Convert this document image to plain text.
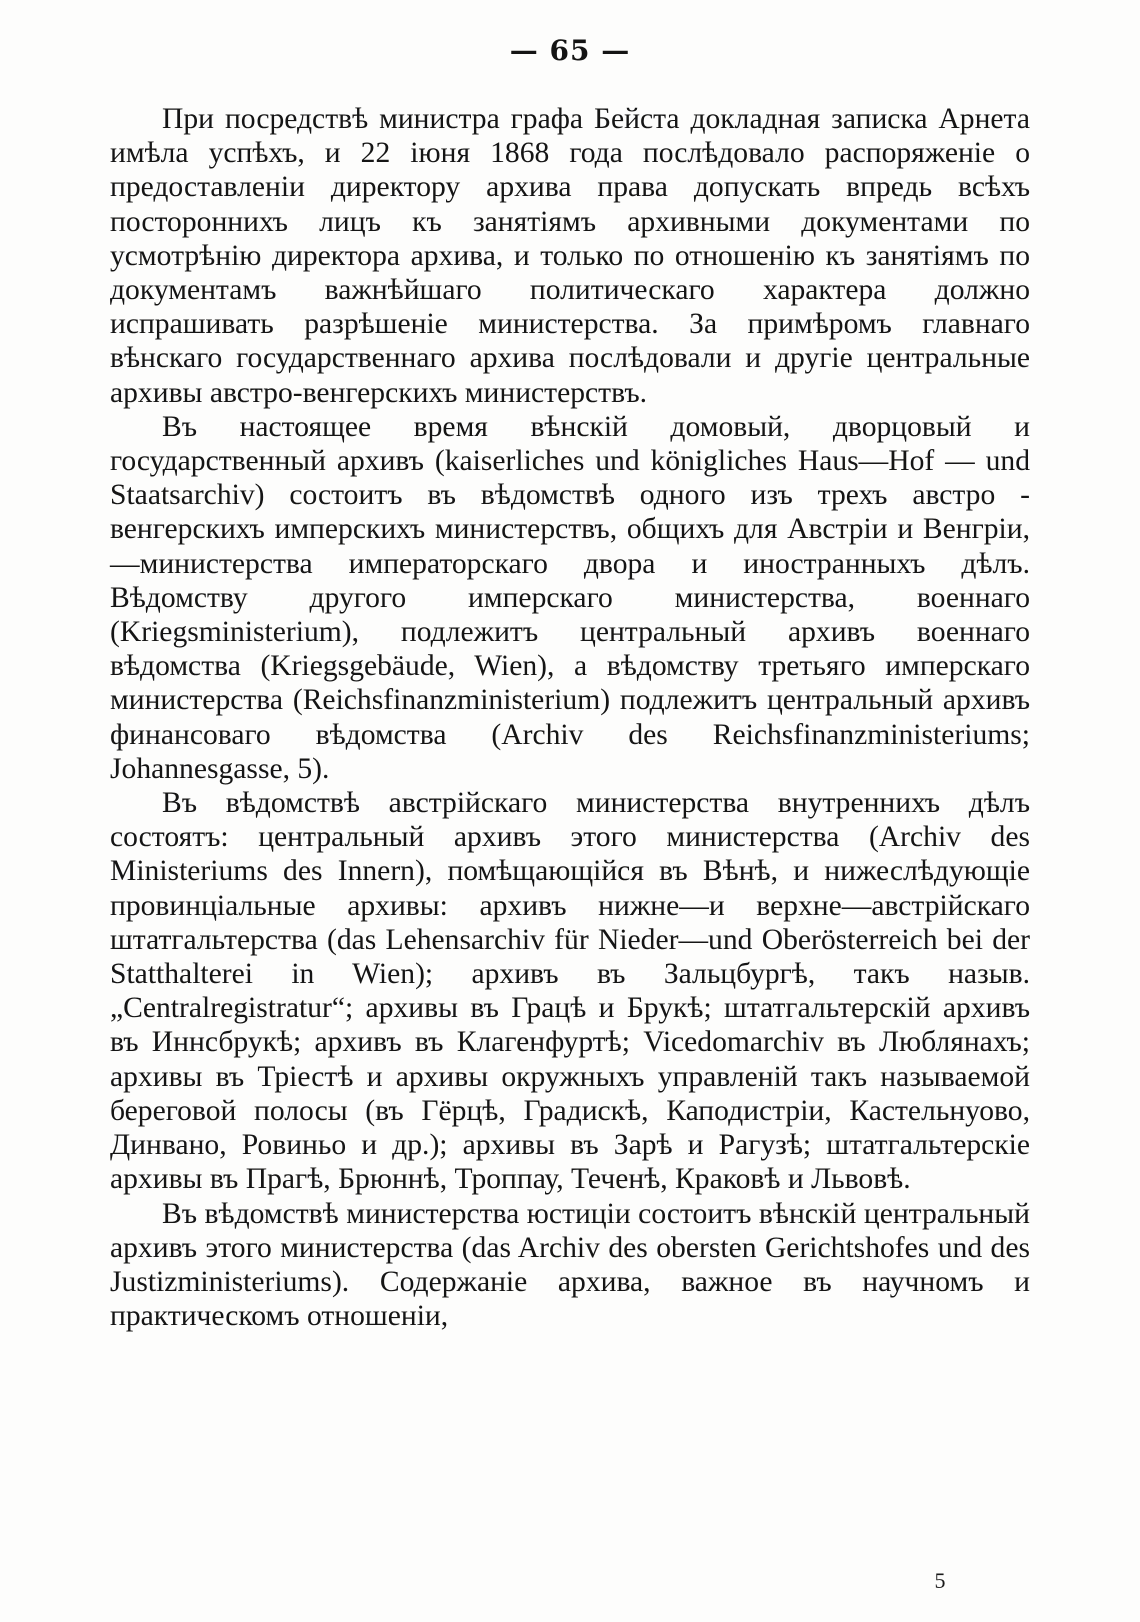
— 65 —

При посредствѣ министра графа Бейста докладная записка Арнета имѣла успѣхъ, и 22 іюня 1868 года послѣдовало распоряженіе о предоставленіи директору архива права допускать впредь всѣхъ постороннихъ лицъ къ занятіямъ архивными документами по усмотрѣнію директора архива, и только по отношенію къ занятіямъ по документамъ важнѣйшаго политическаго характера должно испрашивать разрѣшеніе министерства. За примѣромъ главнаго вѣнскаго государственнаго архива послѣдовали и другіе центральные архивы австро-венгерскихъ министерствъ.

Въ настоящее время вѣнскій домовый, дворцовый и государственный архивъ (kaiserliches und königliches Haus—Hof — und Staatsarchiv) состоитъ въ вѣдомствѣ одного изъ трехъ австро - венгерскихъ имперскихъ министерствъ, общихъ для Австріи и Венгріи,—министерства императорскаго двора и иностранныхъ дѣлъ. Вѣдомству другого имперскаго министерства, военнаго (Kriegsministerium), подлежитъ центральный архивъ военнаго вѣдомства (Kriegsgebäude, Wien), а вѣдомству третьяго имперскаго министерства (Reichsfinanzministerium) подлежитъ центральный архивъ финансоваго вѣдомства (Archiv des Reichsfinanzministeriums; Johannesgasse, 5).

Въ вѣдомствѣ австрійскаго министерства внутреннихъ дѣлъ состоятъ: центральный архивъ этого министерства (Archiv des Ministeriums des Innern), помѣщающійся въ Вѣнѣ, и нижеслѣдующіе провинціальные архивы: архивъ нижне—и верхне—австрійскаго штатгальтерства (das Lehensarchiv für Nieder—und Oberösterreich bei der Statthalterei in Wien); архивъ въ Зальцбургѣ, такъ назыв. „Centralregistratur“; архивы въ Грацѣ и Брукѣ; штатгальтерскій архивъ въ Иннсбрукѣ; архивъ въ Клагенфуртѣ; Vicedomarchiv въ Люблянахъ; архивы въ Тріестѣ и архивы окружныхъ управленій такъ называемой береговой полосы (въ Гёрцѣ, Градискѣ, Каподистріи, Кастельнуово, Динвано, Ровиньо и др.); архивы въ Зарѣ и Рагузѣ; штатгальтерскіе архивы въ Прагѣ, Брюннѣ, Троппау, Теченѣ, Краковѣ и Львовѣ.

Въ вѣдомствѣ министерства юстиціи состоитъ вѣнскій центральный архивъ этого министерства (das Archiv des obersten Gerichtshofes und des Justizministeriums). Содержаніе архива, важное въ научномъ и практическомъ отношеніи,

5
